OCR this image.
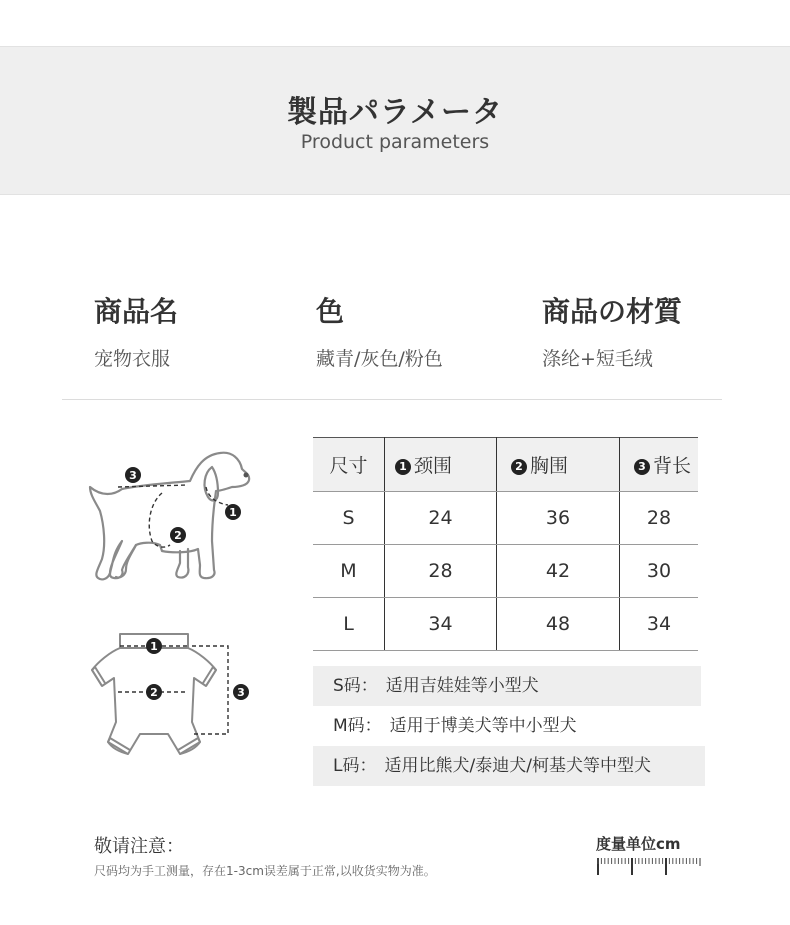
製品パラメータ
Product parameters
商品名
宠物衣服
色
藏青/灰色/粉色
商品の材質
涤纶+短毛绒
3
1
2
1
2	3
尺寸	1 颈围	2 胸围	3 背长
S	24	36	28
M	28	42	30
L	34	48	34
S码： 适用吉娃娃等小型犬
M码： 适用于博美犬等中小型犬
L码： 适用比熊犬/泰迪犬/柯基犬等中型犬
敬请注意：
尺码均为手工测量，存在1-3cm误差属于正常,以收货实物为准。
度量单位cm
